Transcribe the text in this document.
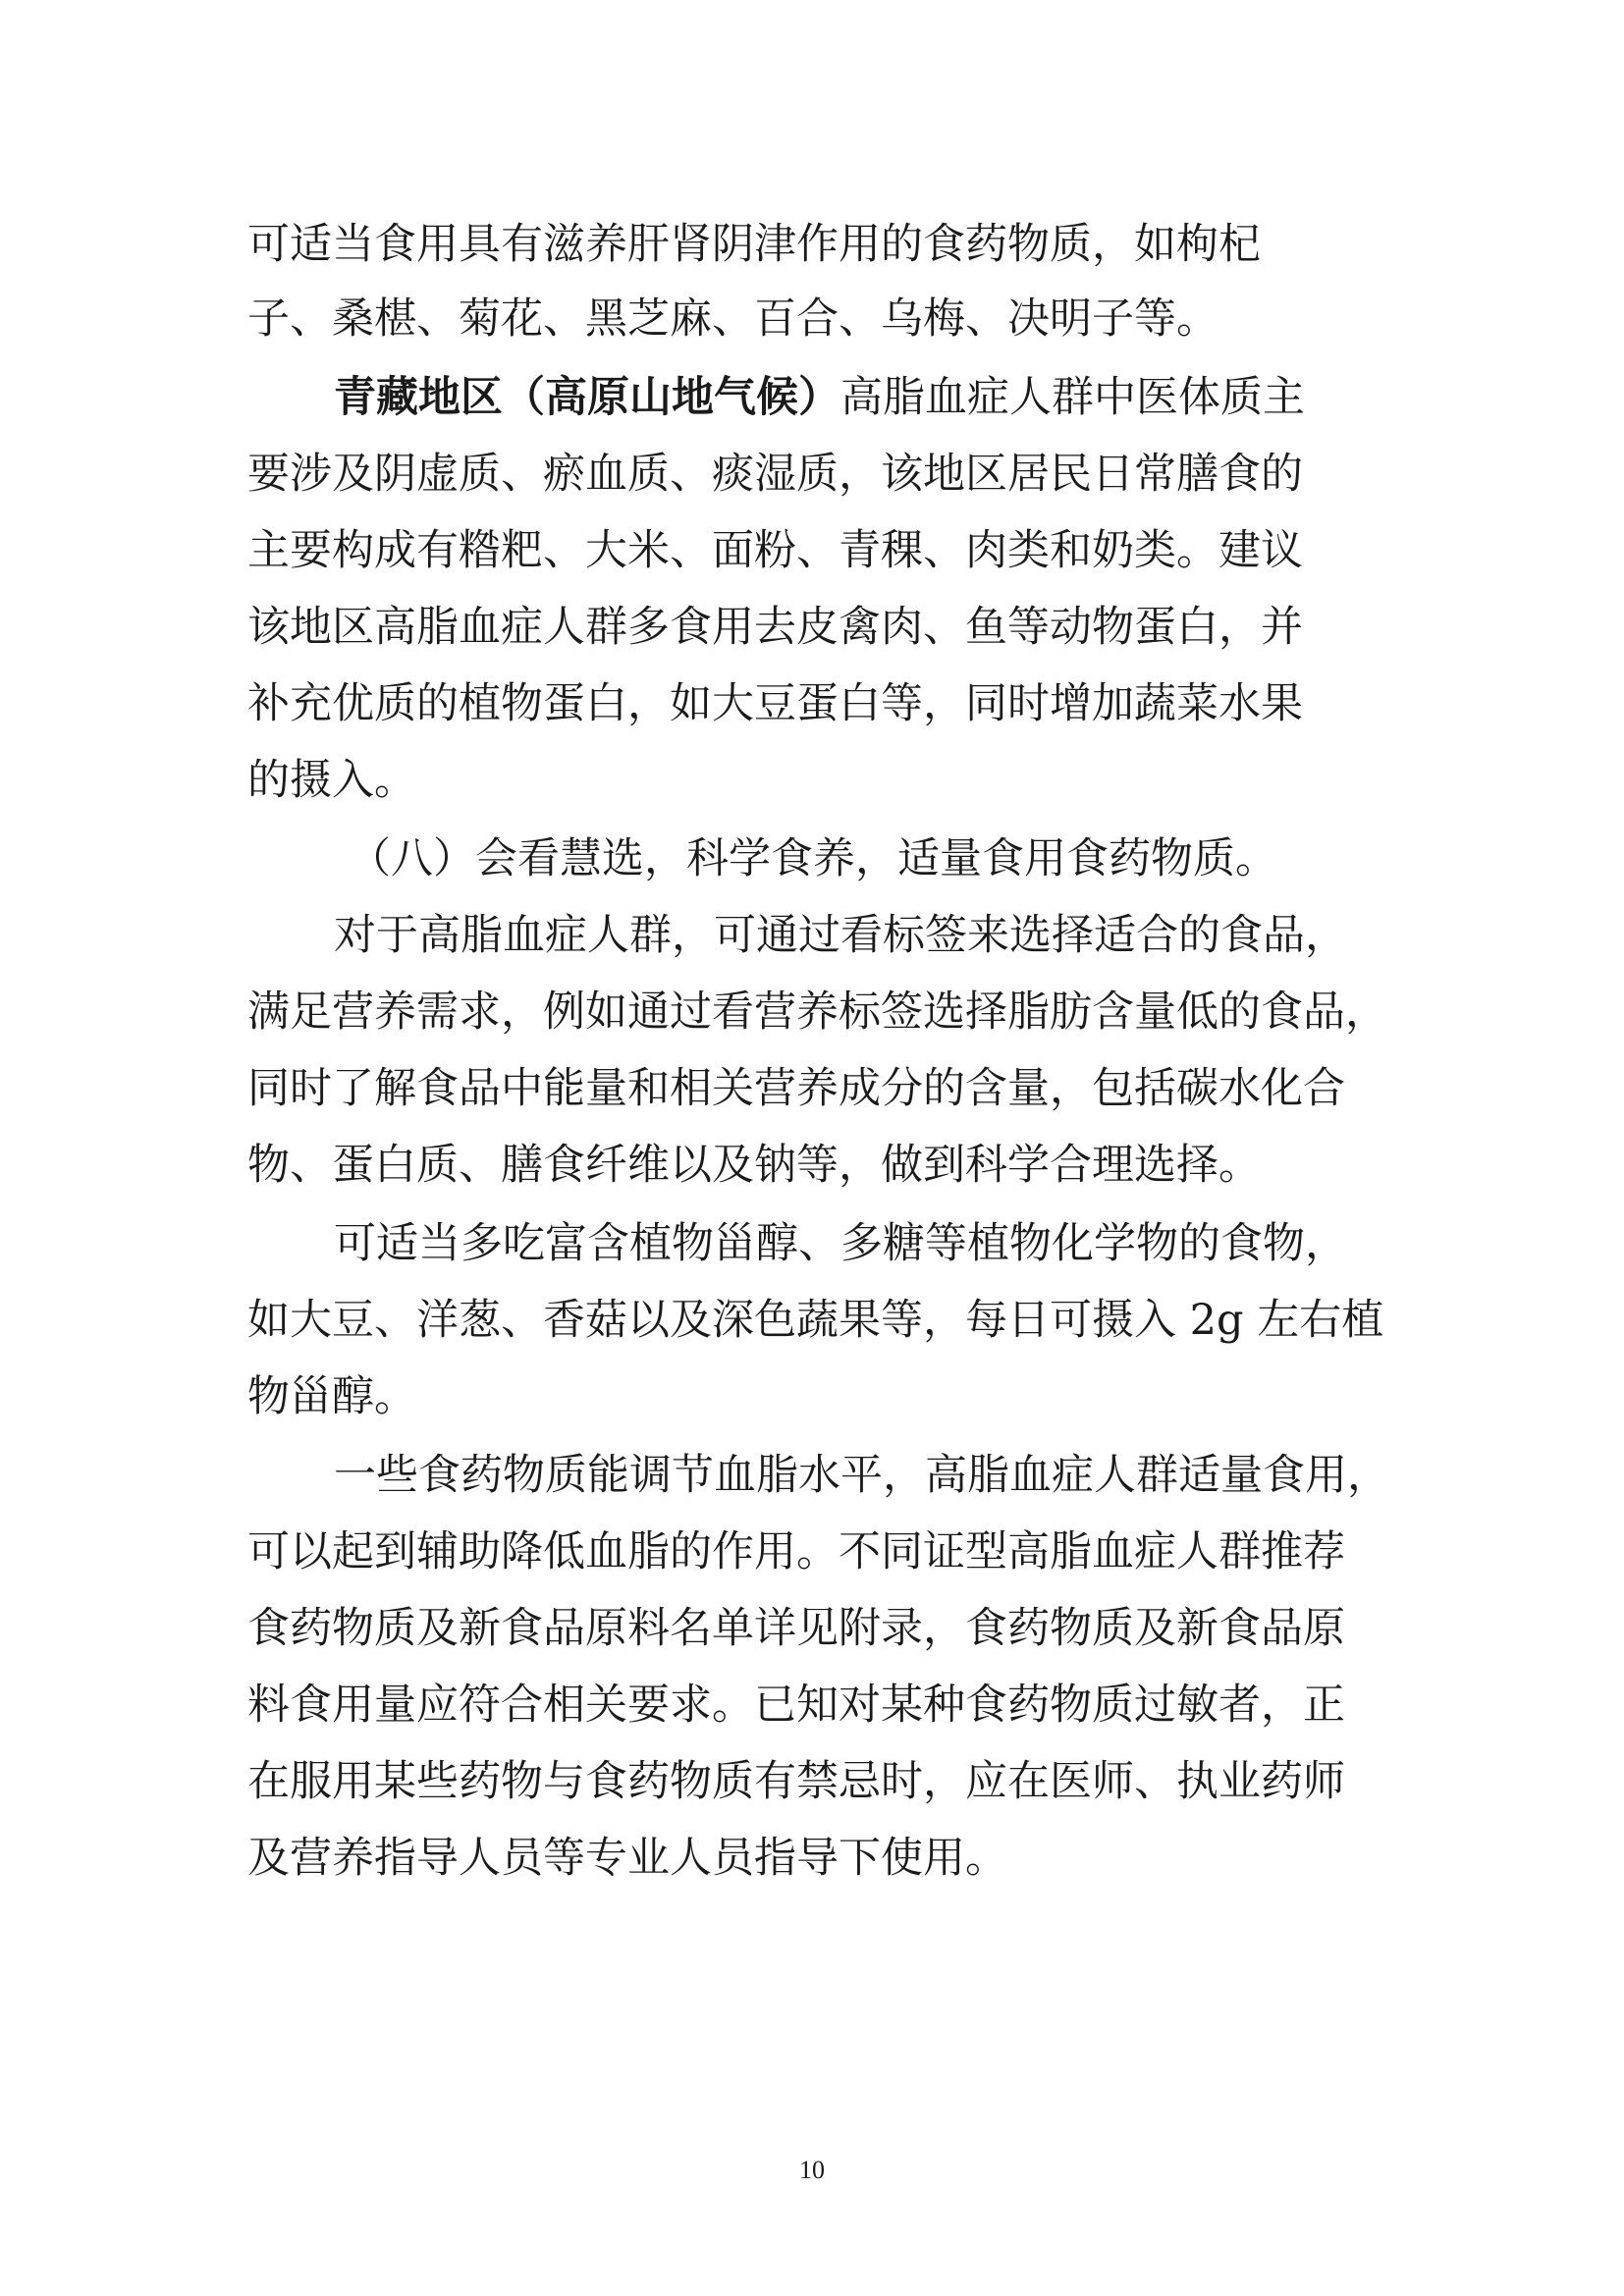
可适当食用具有滋养肝肾阴津作用的食药物质，如枸杞
子、桑椹、菊花、黑芝麻、百合、乌梅、决明子等。
青藏地区（高原山地气候）高脂血症人群中医体质主
要涉及阴虚质、瘀血质、痰湿质，该地区居民日常膳食的
主要构成有糌粑、大米、面粉、青稞、肉类和奶类。建议
该地区高脂血症人群多食用去皮禽肉、鱼等动物蛋白，并
补充优质的植物蛋白，如大豆蛋白等，同时增加蔬菜水果
的摄入。
（八）会看慧选，科学食养，适量食用食药物质。
对于高脂血症人群，可通过看标签来选择适合的食品，
满足营养需求，例如通过看营养标签选择脂肪含量低的食品，
同时了解食品中能量和相关营养成分的含量，包括碳水化合
物、蛋白质、膳食纤维以及钠等，做到科学合理选择。
可适当多吃富含植物甾醇、多糖等植物化学物的食物，
如大豆、洋葱、香菇以及深色蔬果等，每日可摄入 2g 左右植
物甾醇。
一些食药物质能调节血脂水平，高脂血症人群适量食用，
可以起到辅助降低血脂的作用。不同证型高脂血症人群推荐
食药物质及新食品原料名单详见附录，食药物质及新食品原
料食用量应符合相关要求。已知对某种食药物质过敏者，正
在服用某些药物与食药物质有禁忌时，应在医师、执业药师
及营养指导人员等专业人员指导下使用。
10
